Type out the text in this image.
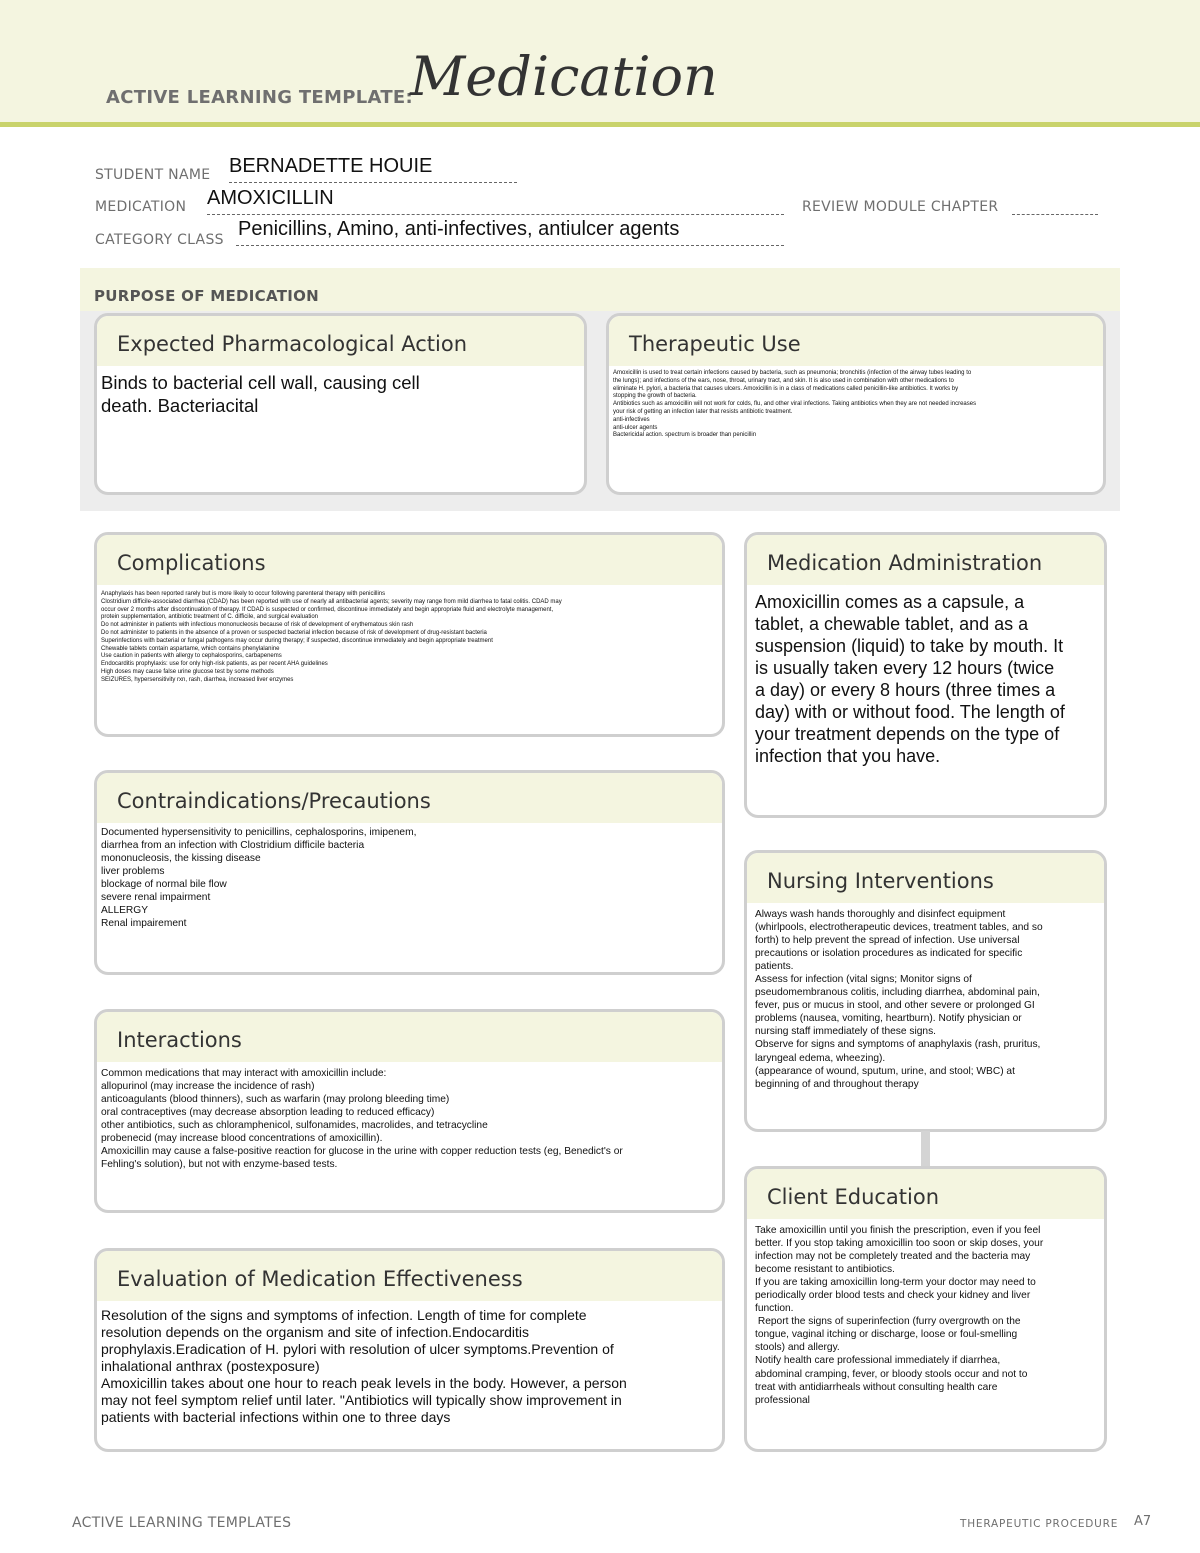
ACTIVE LEARNING TEMPLATE:
Medication
STUDENT NAME BERNADETTE HOUIE
MEDICATION AMOXICILLIN	REVIEW MODULE CHAPTER
CATEGORY CLASS Penicillins, Amino, anti-infectives, antiulcer agents
PURPOSE OF MEDICATION
Expected Pharmacological Action
Binds to bacterial cell wall, causing cell
death. Bacteriacital
Therapeutic Use
Amoxicillin is used to treat certain infections caused by bacteria, such as pneumonia; bronchitis (infection of the airway tubes leading to
the lungs); and infections of the ears, nose, throat, urinary tract, and skin. It is also used in combination with other medications to
eliminate H. pylori, a bacteria that causes ulcers. Amoxicillin is in a class of medications called penicillin-like antibiotics. It works by
stopping the growth of bacteria.
Antibiotics such as amoxicillin will not work for colds, flu, and other viral infections. Taking antibiotics when they are not needed increases
your risk of getting an infection later that resists antibiotic treatment.
anti-infectives
anti-ulcer agents
Bactericidal action. spectrum is broader than penicillin
Complications
Anaphylaxis has been reported rarely but is more likely to occur following parenteral therapy with penicillins
Clostridium difficile-associated diarrhea (CDAD) has been reported with use of nearly all antibacterial agents; severity may range from mild diarrhea to fatal colitis. CDAD may
occur over 2 months after discontinuation of therapy. If CDAD is suspected or confirmed, discontinue immediately and begin appropriate fluid and electrolyte management,
protein supplementation, antibiotic treatment of C. difficile, and surgical evaluation
Do not administer in patients with infectious mononucleosis because of risk of development of erythematous skin rash
Do not administer to patients in the absence of a proven or suspected bacterial infection because of risk of development of drug-resistant bacteria
Superinfections with bacterial or fungal pathogens may occur during therapy; if suspected, discontinue immediately and begin appropriate treatment
Chewable tablets contain aspartame, which contains phenylalanine
Use caution in patients with allergy to cephalosporins, carbapenems
Endocarditis prophylaxis: use for only high-risk patients, as per recent AHA guidelines
High doses may cause false urine glucose test by some methods
SEIZURES, hypersensitivity rxn, rash, diarrhea, increased liver enzymes
Medication Administration
Amoxicillin comes as a capsule, a
tablet, a chewable tablet, and as a
suspension (liquid) to take by mouth. It
is usually taken every 12 hours (twice
a day) or every 8 hours (three times a
day) with or without food. The length of
your treatment depends on the type of
infection that you have.
Contraindications/Precautions
Documented hypersensitivity to penicillins, cephalosporins, imipenem,
diarrhea from an infection with Clostridium difficile bacteria
mononucleosis, the kissing disease
liver problems
blockage of normal bile flow
severe renal impairment
ALLERGY
Renal impairement
Nursing Interventions
Always wash hands thoroughly and disinfect equipment
(whirlpools, electrotherapeutic devices, treatment tables, and so
forth) to help prevent the spread of infection. Use universal
precautions or isolation procedures as indicated for specific
patients.
Assess for infection (vital signs; Monitor signs of
pseudomembranous colitis, including diarrhea, abdominal pain,
fever, pus or mucus in stool, and other severe or prolonged GI
problems (nausea, vomiting, heartburn). Notify physician or
nursing staff immediately of these signs.
Observe for signs and symptoms of anaphylaxis (rash, pruritus,
laryngeal edema, wheezing).
(appearance of wound, sputum, urine, and stool; WBC) at
beginning of and throughout therapy
Interactions
Common medications that may interact with amoxicillin include:
allopurinol (may increase the incidence of rash)
anticoagulants (blood thinners), such as warfarin (may prolong bleeding time)
oral contraceptives (may decrease absorption leading to reduced efficacy)
other antibiotics, such as chloramphenicol, sulfonamides, macrolides, and tetracycline
probenecid (may increase blood concentrations of amoxicillin).
Amoxicillin may cause a false-positive reaction for glucose in the urine with copper reduction tests (eg, Benedict's or
Fehling's solution), but not with enzyme-based tests.
Client Education
Take amoxicillin until you finish the prescription, even if you feel
better. If you stop taking amoxicillin too soon or skip doses, your
infection may not be completely treated and the bacteria may
become resistant to antibiotics.
If you are taking amoxicillin long-term your doctor may need to
periodically order blood tests and check your kidney and liver
function.
Report the signs of superinfection (furry overgrowth on the
tongue, vaginal itching or discharge, loose or foul-smelling
stools) and allergy.
Notify health care professional immediately if diarrhea,
abdominal cramping, fever, or bloody stools occur and not to
treat with antidiarrheals without consulting health care
professional
Evaluation of Medication Effectiveness
Resolution of the signs and symptoms of infection. Length of time for complete
resolution depends on the organism and site of infection.Endocarditis
prophylaxis.Eradication of H. pylori with resolution of ulcer symptoms.Prevention of
inhalational anthrax (postexposure)
Amoxicillin takes about one hour to reach peak levels in the body. However, a person
may not feel symptom relief until later. "Antibiotics will typically show improvement in
patients with bacterial infections within one to three days
ACTIVE LEARNING TEMPLATES	THERAPEUTIC PROCEDURE A7
